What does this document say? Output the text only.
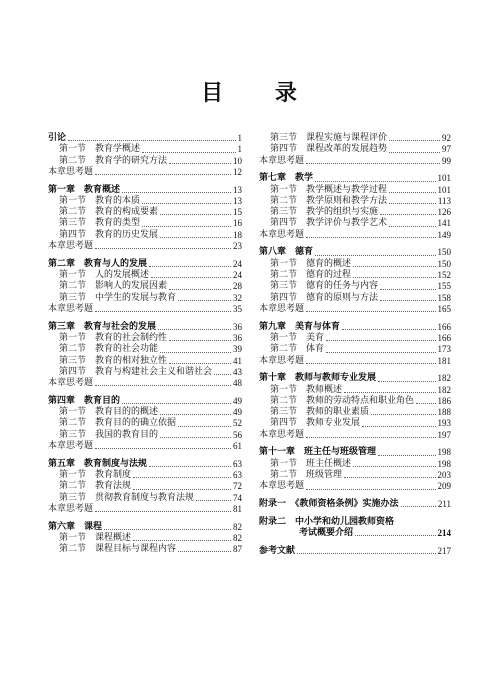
目 录
引论	1
第一节 教育学概述	1
第二节 教育学的研究方法	10
本章思考题	12
第一章　教育概述	13
第一节 教育的本质	13
第二节 教育的构成要素	15
第三节 教育的类型	16
第四节 教育的历史发展	18
本章思考题	23
第二章　教育与人的发展	24
第一节 人的发展概述	24
第二节 影响人的发展因素	28
第三节 中学生的发展与教育	32
本章思考题	35
第三章　教育与社会的发展	36
第一节 教育的社会制约性	36
第二节 教育的社会功能	39
第三节 教育的相对独立性	41
第四节 教育与构建社会主义和谐社会 43
本章思考题	48
第四章　教育目的	49
第一节 教育目的的概述	49
第二节 教育目的的确立依据	52
第三节 我国的教育目的	56
本章思考题	61
第五章　教育制度与法规	63
第一节 教育制度	63
第二节 教育法规	72
第三节 贯彻教育制度与教育法规	74
本章思考题	81
第六章　课程	82
第一节 课程概述	82
第二节 课程目标与课程内容	87
第三节 课程实施与课程评价	92
第四节 课程改革的发展趋势	97
本章思考题	99
第七章　教学	101
第一节 教学概述与教学过程	101
第二节 教学原则和教学方法	113
第三节 教学的组织与实施	126
第四节 教学评价与教学艺术	141
本章思考题	149
第八章　德育	150
第一节 德育的概述	150
第二节 德育的过程	152
第三节 德育的任务与内容	155
第四节 德育的原则与方法	158
本章思考题	165
第九章　美育与体育	166
第一节 美育	166
第二节 体育	173
本章思考题	181
第十章　教师与教师专业发展	182
第一节 教师概述	182
第二节 教师的劳动特点和职业角色	186
第三节 教师的职业素质	188
第四节 教师专业发展	193
本章思考题	197
第十一章　班主任与班级管理	198
第一节 班主任概述	198
第二节 班级管理	203
本章思考题	209
附录一　《教师资格条例》实施办法	211
附录二　中小学和幼儿园教师资格
考试概要介绍	214
参考文献	217
